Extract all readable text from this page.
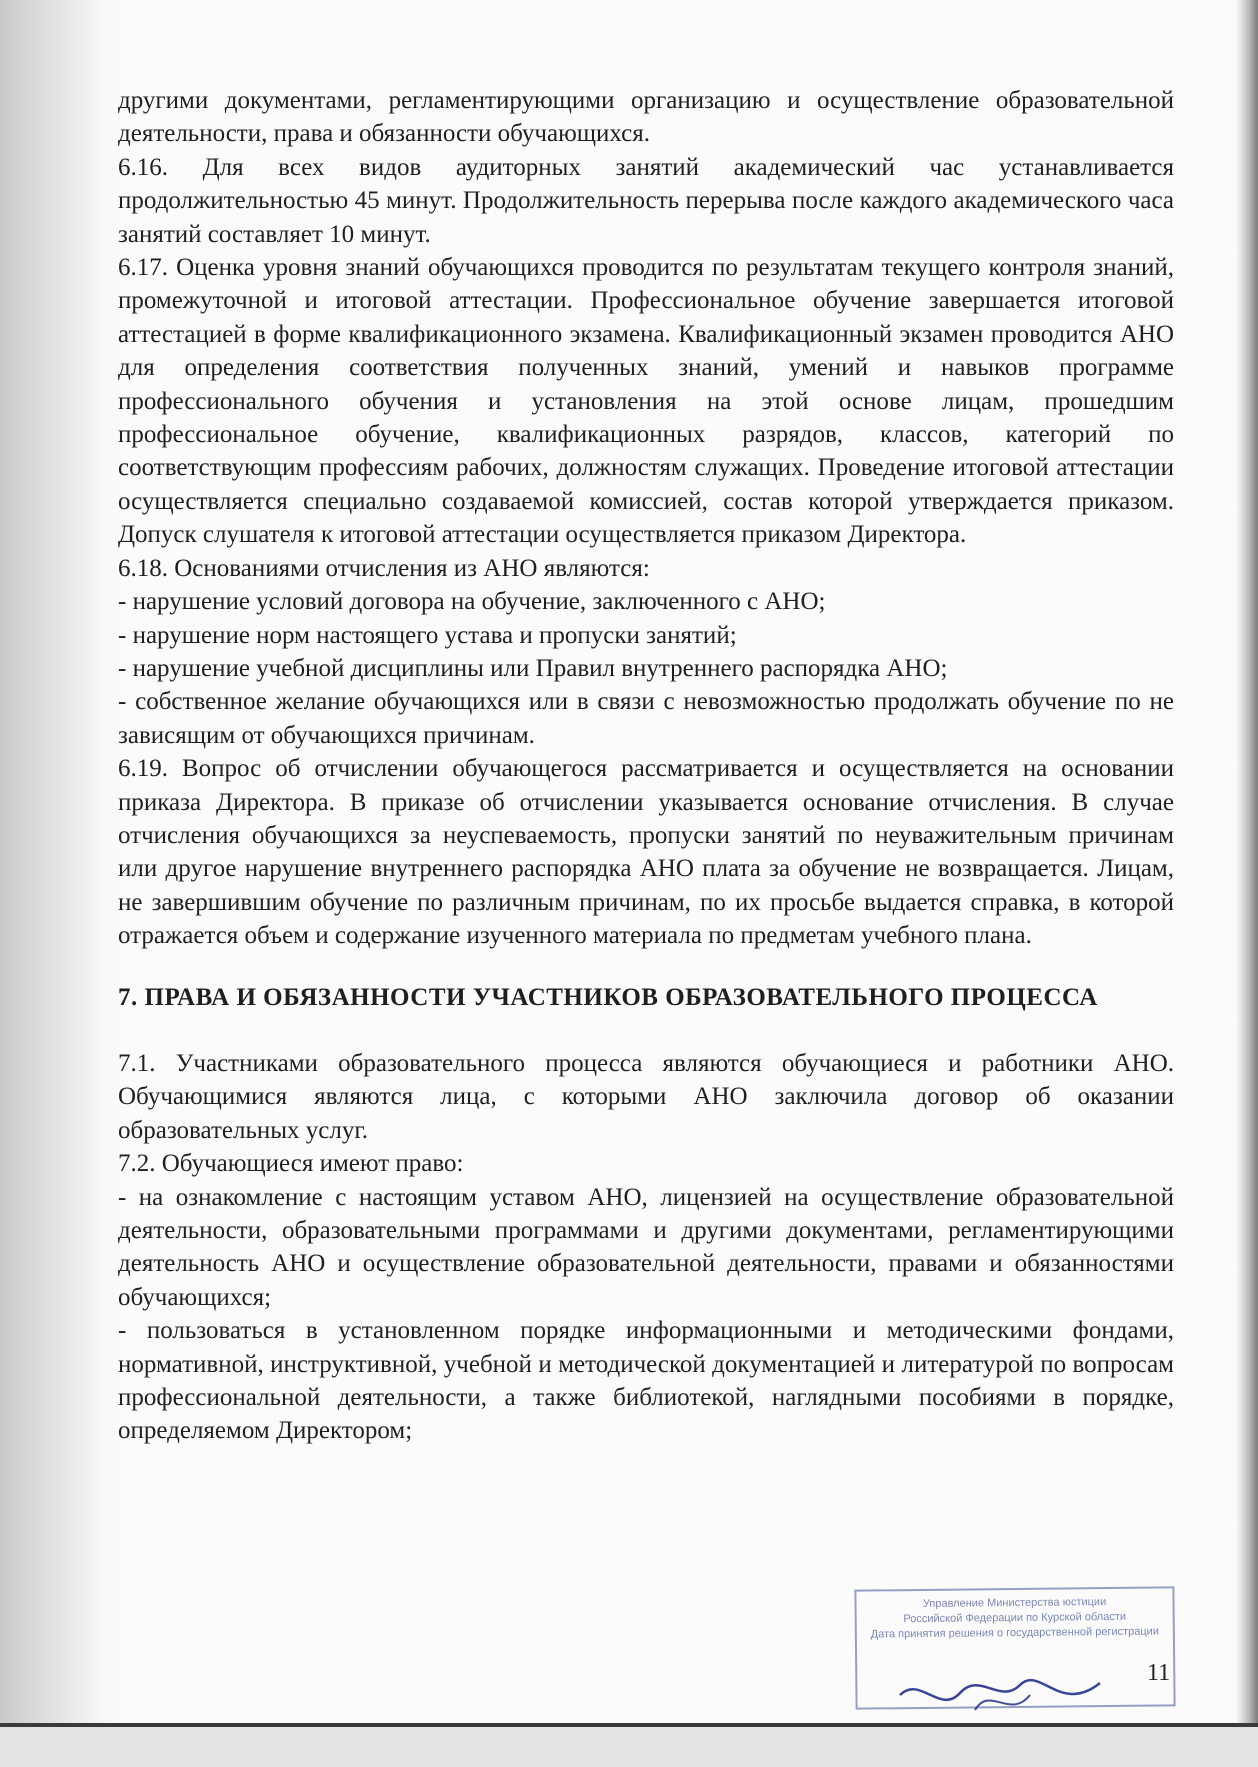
другими документами, регламентирующими организацию и осуществление образовательной деятельности, права и обязанности обучающихся.

6.16. Для всех видов аудиторных занятий академический час устанавливается продолжительностью 45 минут. Продолжительность перерыва после каждого академического часа занятий составляет 10 минут.

6.17. Оценка уровня знаний обучающихся проводится по результатам текущего контроля знаний, промежуточной и итоговой аттестации. Профессиональное обучение завершается итоговой аттестацией в форме квалификационного экзамена. Квалификационный экзамен проводится АНО для определения соответствия полученных знаний, умений и навыков программе профессионального обучения и установления на этой основе лицам, прошедшим профессиональное обучение, квалификационных разрядов, классов, категорий по соответствующим профессиям рабочих, должностям служащих. Проведение итоговой аттестации осуществляется специально создаваемой комиссией, состав которой утверждается приказом. Допуск слушателя к итоговой аттестации осуществляется приказом Директора.

6.18. Основаниями отчисления из АНО являются:

- нарушение условий договора на обучение, заключенного с АНО;

- нарушение норм настоящего устава и пропуски занятий;

- нарушение учебной дисциплины или Правил внутреннего распорядка АНО;

- собственное желание обучающихся или в связи с невозможностью продолжать обучение по не зависящим от обучающихся причинам.

6.19. Вопрос об отчислении обучающегося рассматривается и осуществляется на основании приказа Директора. В приказе об отчислении указывается основание отчисления. В случае отчисления обучающихся за неуспеваемость, пропуски занятий по неуважительным причинам или другое нарушение внутреннего распорядка АНО плата за обучение не возвращается. Лицам, не завершившим обучение по различным причинам, по их просьбе выдается справка, в которой отражается объем и содержание изученного материала по предметам учебного плана.

7. ПРАВА И ОБЯЗАННОСТИ УЧАСТНИКОВ ОБРАЗОВАТЕЛЬНОГО ПРОЦЕССА

7.1. Участниками образовательного процесса являются обучающиеся и работники АНО. Обучающимися являются лица, с которыми АНО заключила договор об оказании образовательных услуг.

7.2. Обучающиеся имеют право:

- на ознакомление с настоящим уставом АНО, лицензией на осуществление образовательной деятельности, образовательными программами и другими документами, регламентирующими деятельность АНО и осуществление образовательной деятельности, правами и обязанностями обучающихся;

- пользоваться в установленном порядке информационными и методическими фондами, нормативной, инструктивной, учебной и методической документацией и литературой по вопросам профессиональной деятельности, а также библиотекой, наглядными пособиями в порядке, определяемом Директором;

Управление Министерства юстиции
Российской Федерации по Курской области
Дата принятия решения о государственной регистрации
11
